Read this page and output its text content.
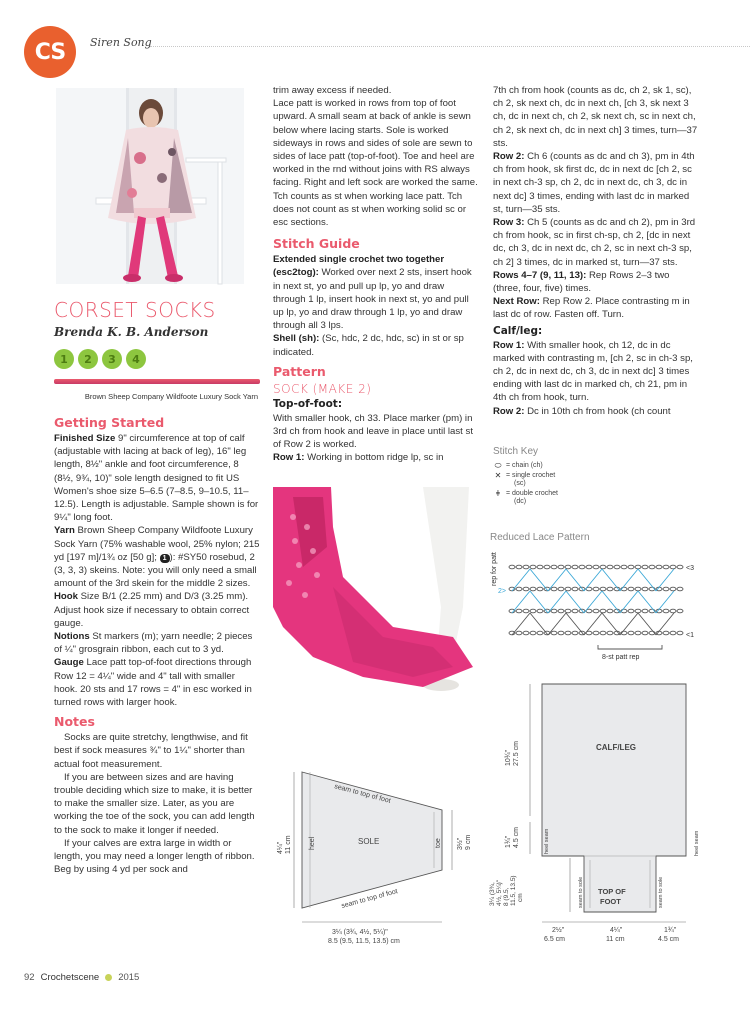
CS	Siren Song
CORSET SOCKS
Brenda K. B. Anderson
1	2	3	4
Brown Sheep Company Wildfoote Luxury Sock Yarn
Getting Started

Finished Size 9" circumference at top of calf (adjustable with lacing at back of leg), 16" leg length, 8½" ankle and foot circumference, 8 (8½, 9¾, 10)" sole length designed to fit US Women's shoe size 5–6.5 (7–8.5, 9–10.5, 11–12.5). Length is adjustable. Sample shown is for 9¼" long foot.

Yarn Brown Sheep Company Wildfoote Luxury Sock Yarn (75% washable wool, 25% nylon; 215 yd [197 m]/1¾ oz [50 g]; 1 ): #SY50 rosebud, 2 (3, 3, 3) skeins. Note: you will only need a small amount of the 3rd skein for the middle 2 sizes.

Hook Size B/1 (2.25 mm) and D/3 (3.25 mm). Adjust hook size if necessary to obtain correct gauge.

Notions St markers (m); yarn needle; 2 pieces of ¼" grosgrain ribbon, each cut to 3 yd.

Gauge Lace patt top-of-foot directions through Row 12 = 4¼" wide and 4" tall with smaller hook. 20 sts and 17 rows = 4" in esc worked in turned rows with larger hook.

Notes

Socks are quite stretchy, lengthwise, and fit best if sock measures ¾" to 1¼" shorter than actual foot measurement.

If you are between sizes and are having trouble deciding which size to make, it is better to make the smaller size. Later, as you are working the toe of the sock, you can add length to the sock to make it longer if needed.

If your calves are extra large in width or length, you may need a longer length of ribbon. Beg by using 4 yd per sock and

trim away excess if needed.

Lace patt is worked in rows from top of foot upward. A small seam at back of ankle is sewn below where lacing starts. Sole is worked sideways in rows and sides of sole are sewn to sides of lace patt (top-of-foot). Toe and heel are worked in the rnd without joins with RS always facing. Right and left sock are worked the same.

Tch counts as st when working lace patt. Tch does not count as st when working solid sc or esc sections.

Stitch Guide

Extended single crochet two together (esc2tog): Worked over next 2 sts, insert hook in next st, yo and pull up lp, yo and draw through 1 lp, insert hook in next st, yo and pull up lp, yo and draw through 1 lp, yo and draw through all 3 lps.

Shell (sh): (Sc, hdc, 2 dc, hdc, sc) in st or sp indicated.

Pattern
SOCK (MAKE 2)
Top-of-foot:

With smaller hook, ch 33. Place marker (pm) in 3rd ch from hook and leave in place until last st of Row 2 is worked.

Row 1: Working in bottom ridge lp, sc in

7th ch from hook (counts as dc, ch 2, sk 1, sc), ch 2, sk next ch, dc in next ch, [ch 3, sk next 3 ch, dc in next ch, ch 2, sk next ch, sc in next ch, ch 2, sk next ch, dc in next ch] 3 times, turn—37 sts.

Row 2: Ch 6 (counts as dc and ch 3), pm in 4th ch from hook, sk first dc, dc in next dc [ch 2, sc in next ch-3 sp, ch 2, dc in next dc, ch 3, dc in next dc] 3 times, ending with last dc in marked st, turn—35 sts.

Row 3: Ch 5 (counts as dc and ch 2), pm in 3rd ch from hook, sc in first ch-sp, ch 2, [dc in next dc, ch 3, dc in next dc, ch 2, sc in next ch-3 sp, ch 2] 3 times, dc in marked st, turn—37 sts.

Rows 4–7 (9, 11, 13): Rep Rows 2–3 two (three, four, five) times.

Next Row: Rep Row 2. Place contrasting m in last dc of row. Fasten off. Turn.

Calf/leg:

Row 1: With smaller hook, ch 12, dc in dc marked with contrasting m, [ch 2, sc in ch-3 sp, ch 2, dc in next dc, ch 3, dc in next dc] 3 times ending with last dc in marked ch, ch 21, pm in 4th ch from hook, turn.

Row 2: Dc in 10th ch from hook (ch count

Stitch Key
⬭ = chain (ch)
✕ = single crochet
(sc)
ǂ = double crochet
(dc)
Reduced Lace Pattern
rep for patt	<3
2>
<1
8-st patt rep
seam to top of foot
seam to top of foot
SOLE
heel	toe
4¼" 11 cm	3½" 9 cm
3¼ (3¾, 4½, 5¼)"
8.5 (9.5, 11.5, 13.5) cm
CALF/LEG
TOP OF
FOOT
10¾" 27.5 cm
1¾" 4.5 cm	heel seam
3¼ (3¾, 4½, 5¼)" 8 (9.5, 11.5, 13.5) cm	seam to sole	seam to sole
heel seam
2½"
6.5 cm
4¼"
11 cm
1¾"
4.5 cm
92 Crochetscene 2015
